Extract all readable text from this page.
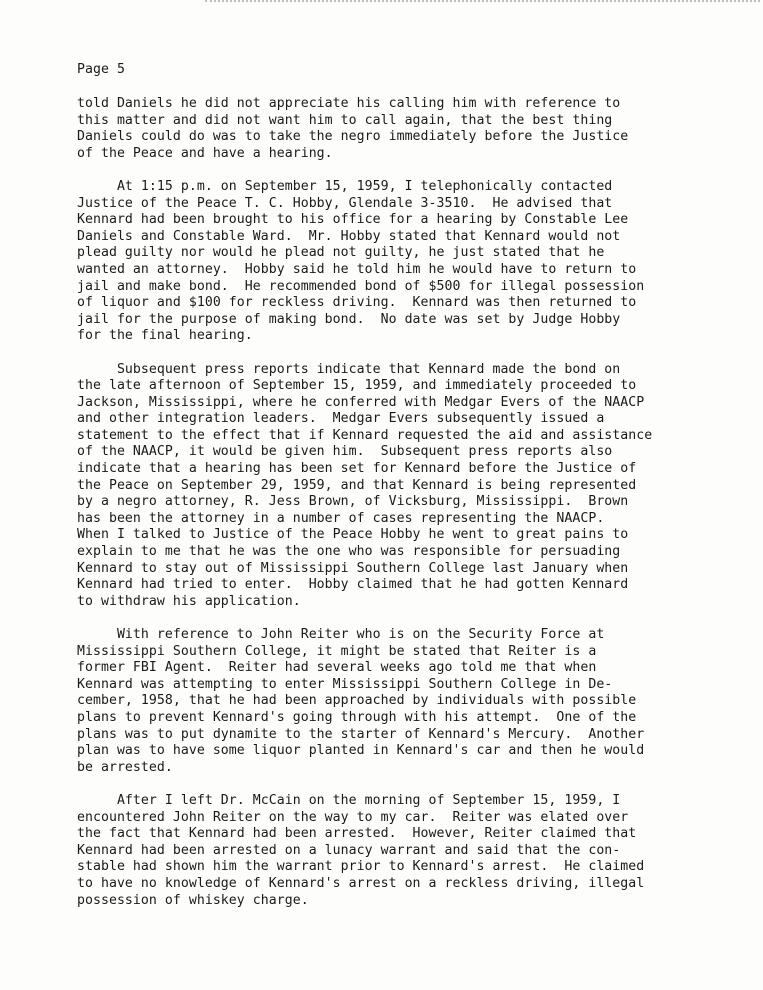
Page 5
told Daniels he did not appreciate his calling him with reference to
this matter and did not want him to call again, that the best thing
Daniels could do was to take the negro immediately before the Justice
of the Peace and have a hearing.
At 1:15 p.m. on September 15, 1959, I telephonically contacted
Justice of the Peace T. C. Hobby, Glendale 3-3510.  He advised that
Kennard had been brought to his office for a hearing by Constable Lee
Daniels and Constable Ward.  Mr. Hobby stated that Kennard would not
plead guilty nor would he plead not guilty, he just stated that he
wanted an attorney.  Hobby said he told him he would have to return to
jail and make bond.  He recommended bond of $500 for illegal possession
of liquor and $100 for reckless driving.  Kennard was then returned to
jail for the purpose of making bond.  No date was set by Judge Hobby
for the final hearing.
Subsequent press reports indicate that Kennard made the bond on
the late afternoon of September 15, 1959, and immediately proceeded to
Jackson, Mississippi, where he conferred with Medgar Evers of the NAACP
and other integration leaders.  Medgar Evers subsequently issued a
statement to the effect that if Kennard requested the aid and assistance
of the NAACP, it would be given him.  Subsequent press reports also
indicate that a hearing has been set for Kennard before the Justice of
the Peace on September 29, 1959, and that Kennard is being represented
by a negro attorney, R. Jess Brown, of Vicksburg, Mississippi.  Brown
has been the attorney in a number of cases representing the NAACP.
When I talked to Justice of the Peace Hobby he went to great pains to
explain to me that he was the one who was responsible for persuading
Kennard to stay out of Mississippi Southern College last January when
Kennard had tried to enter.  Hobby claimed that he had gotten Kennard
to withdraw his application.
With reference to John Reiter who is on the Security Force at
Mississippi Southern College, it might be stated that Reiter is a
former FBI Agent.  Reiter had several weeks ago told me that when
Kennard was attempting to enter Mississippi Southern College in De-
cember, 1958, that he had been approached by individuals with possible
plans to prevent Kennard's going through with his attempt.  One of the
plans was to put dynamite to the starter of Kennard's Mercury.  Another
plan was to have some liquor planted in Kennard's car and then he would
be arrested.
After I left Dr. McCain on the morning of September 15, 1959, I
encountered John Reiter on the way to my car.  Reiter was elated over
the fact that Kennard had been arrested.  However, Reiter claimed that
Kennard had been arrested on a lunacy warrant and said that the con-
stable had shown him the warrant prior to Kennard's arrest.  He claimed
to have no knowledge of Kennard's arrest on a reckless driving, illegal
possession of whiskey charge.
